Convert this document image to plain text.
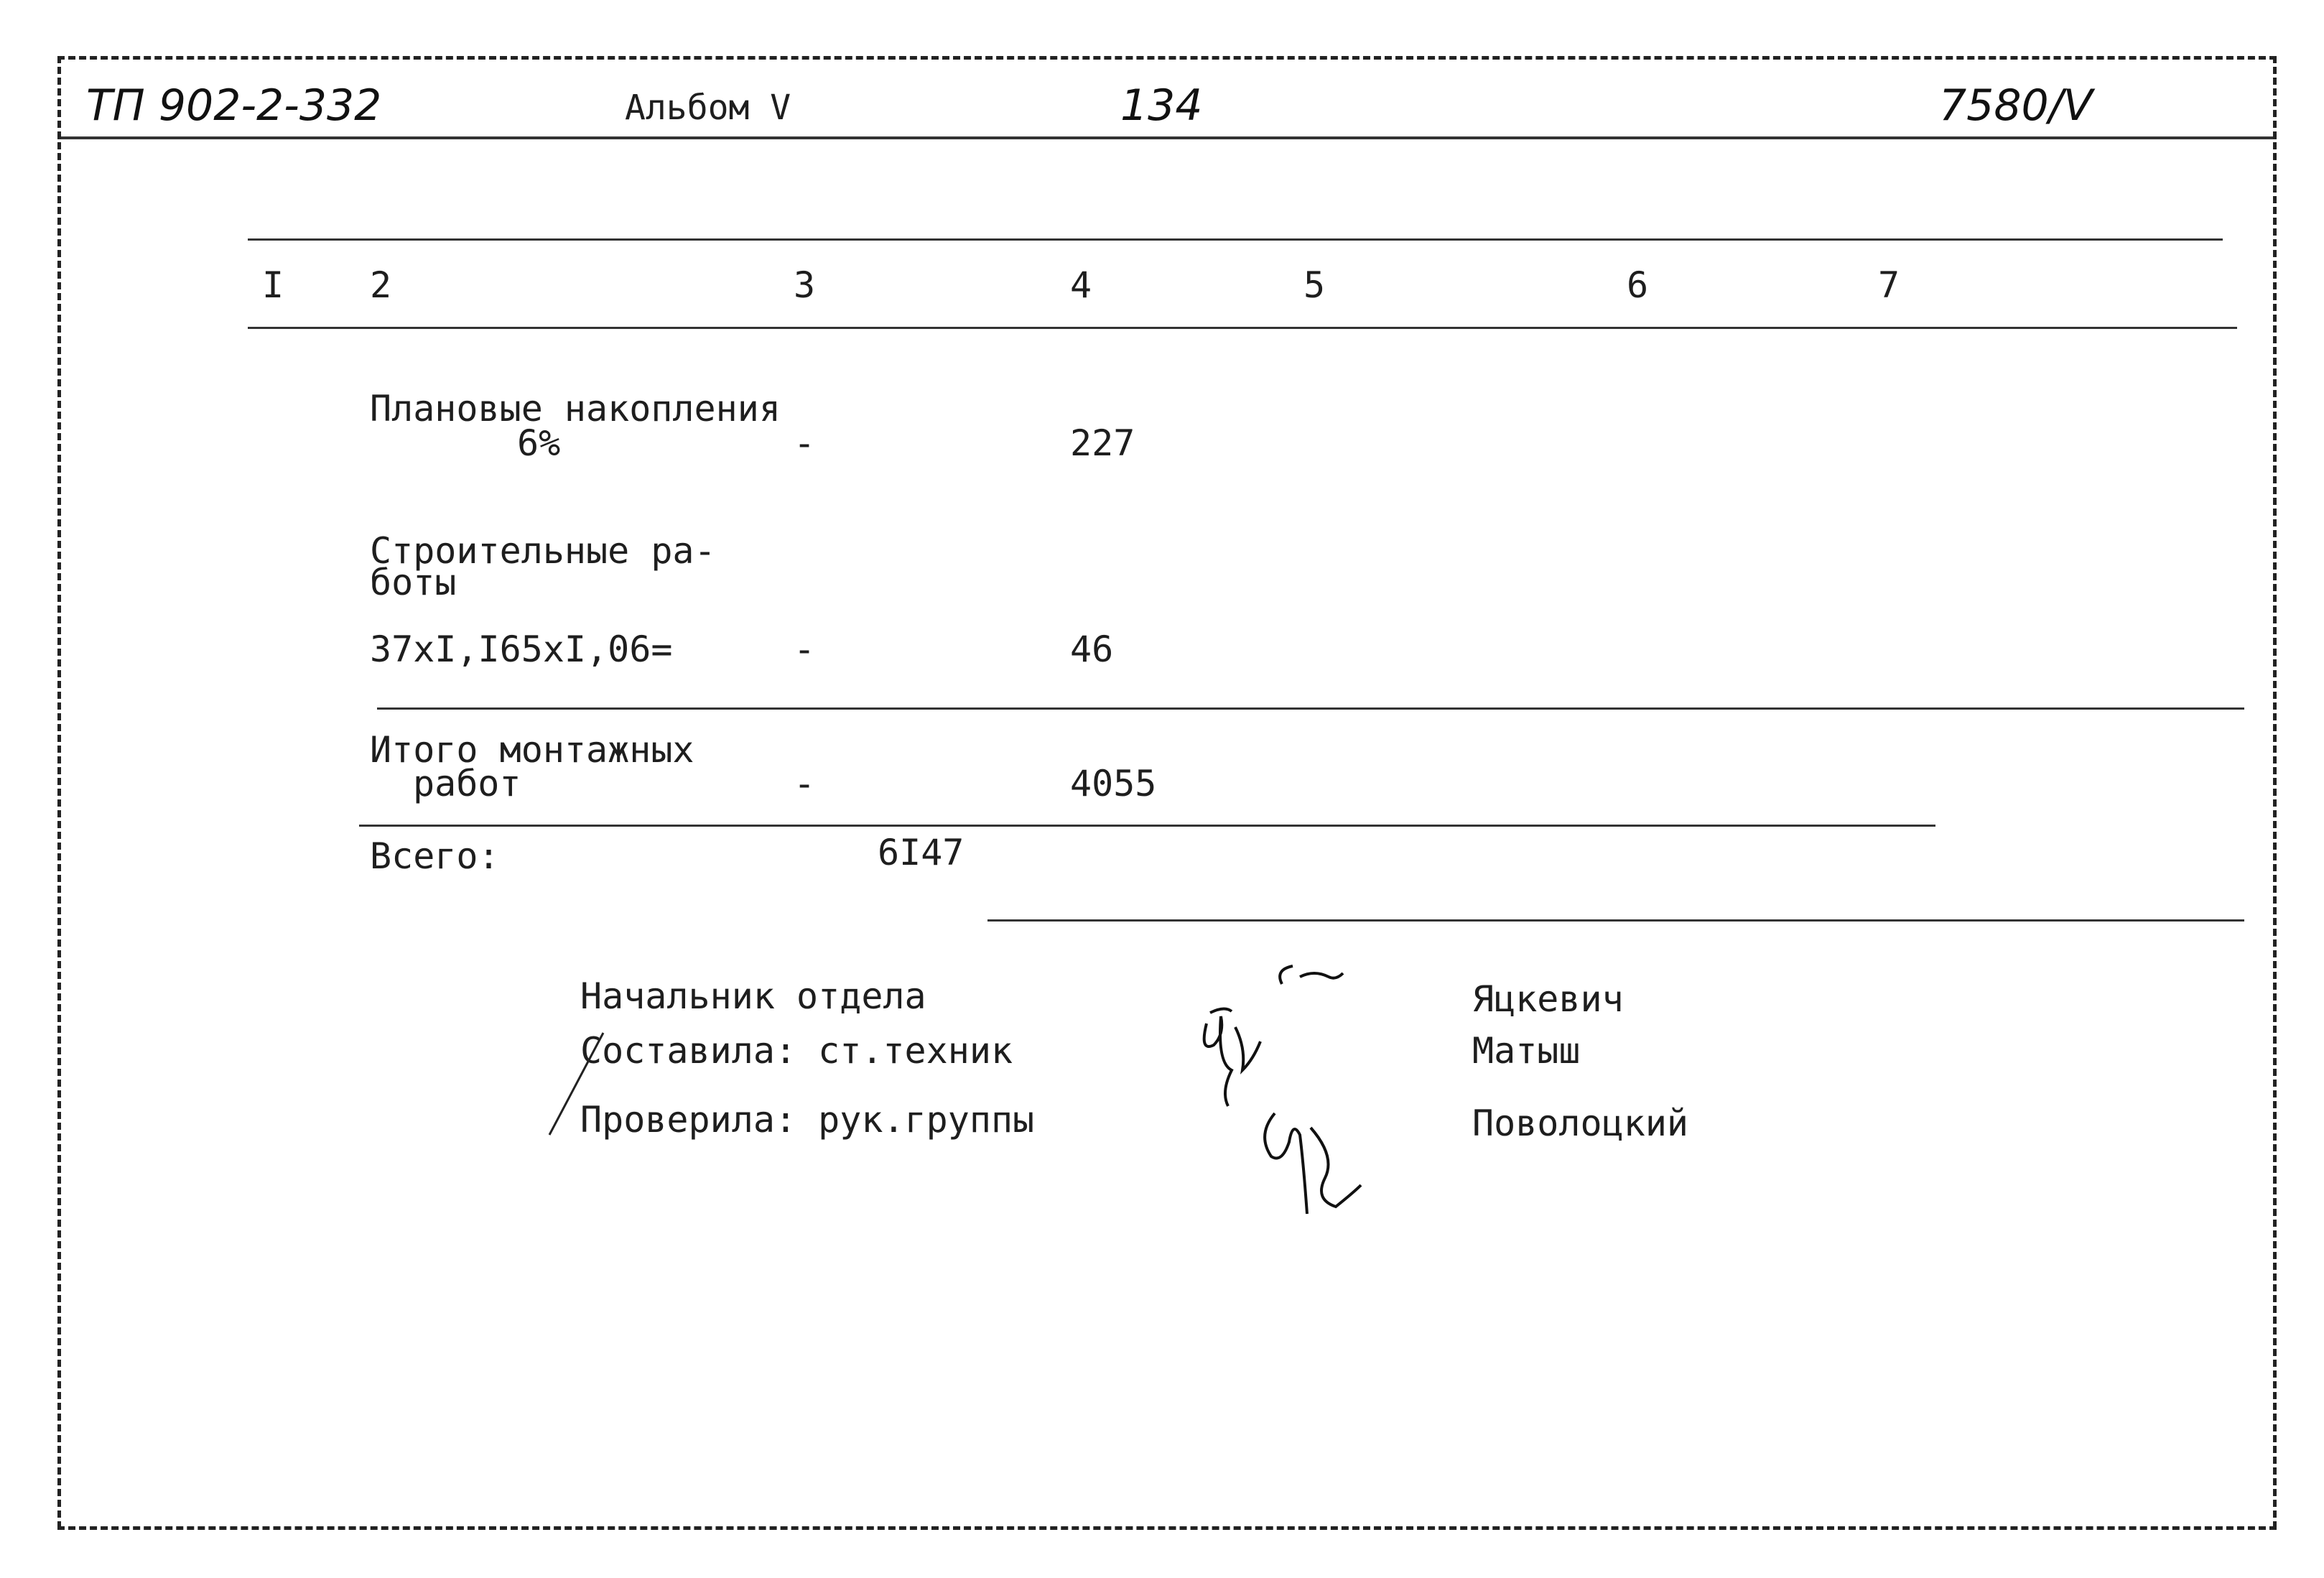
ТП 902-2-332	Альбом V	134	7580/V
I 2	3	4	5	6	7
Плановые накопления
6%	-	227
Строительные ра-
боты
37хI,I65хI,06=	-	46
Итого монтажных
работ	-	4055
Всего:	6I47
Начальник отдела
Составила: ст.техник
Проверила: рук.группы
Яцкевич
Матыш
Поволоцкий
